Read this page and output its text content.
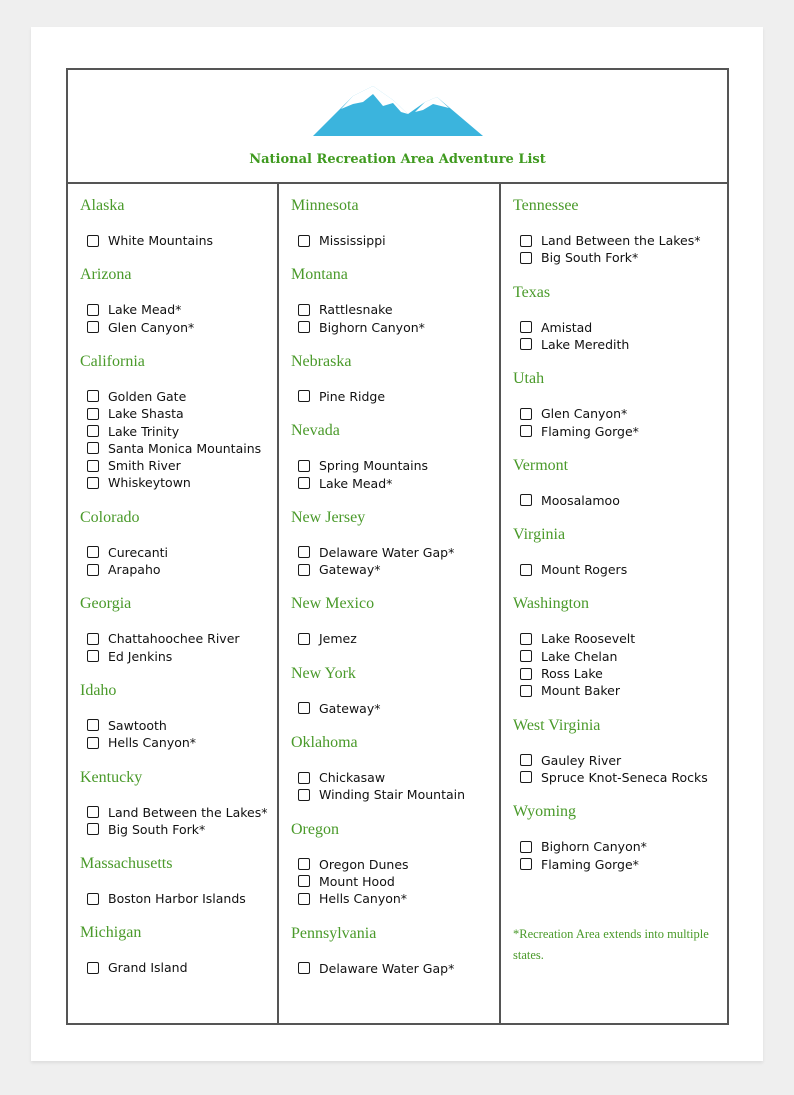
National Recreation Area Adventure List
Alaska
White Mountains
Arizona
Lake Mead*
Glen Canyon*
California
Golden Gate
Lake Shasta
Lake Trinity
Santa Monica Mountains
Smith River
Whiskeytown
Colorado
Curecanti
Arapaho
Georgia
Chattahoochee River
Ed Jenkins
Idaho
Sawtooth
Hells Canyon*
Kentucky
Land Between the Lakes*
Big South Fork*
Massachusetts
Boston Harbor Islands
Michigan
Grand Island
Minnesota
Mississippi
Montana
Rattlesnake
Bighorn Canyon*
Nebraska
Pine Ridge
Nevada
Spring Mountains
Lake Mead*
New Jersey
Delaware Water Gap*
Gateway*
New Mexico
Jemez
New York
Gateway*
Oklahoma
Chickasaw
Winding Stair Mountain
Oregon
Oregon Dunes
Mount Hood
Hells Canyon*
Pennsylvania
Delaware Water Gap*
*Recreation Area extends into multiple states.
Tennessee
Land Between the Lakes*
Big South Fork*
Texas
Amistad
Lake Meredith
Utah
Glen Canyon*
Flaming Gorge*
Vermont
Moosalamoo
Virginia
Mount Rogers
Washington
Lake Roosevelt
Lake Chelan
Ross Lake
Mount Baker
West Virginia
Gauley River
Spruce Knot-Seneca Rocks
Wyoming
Bighorn Canyon*
Flaming Gorge*
